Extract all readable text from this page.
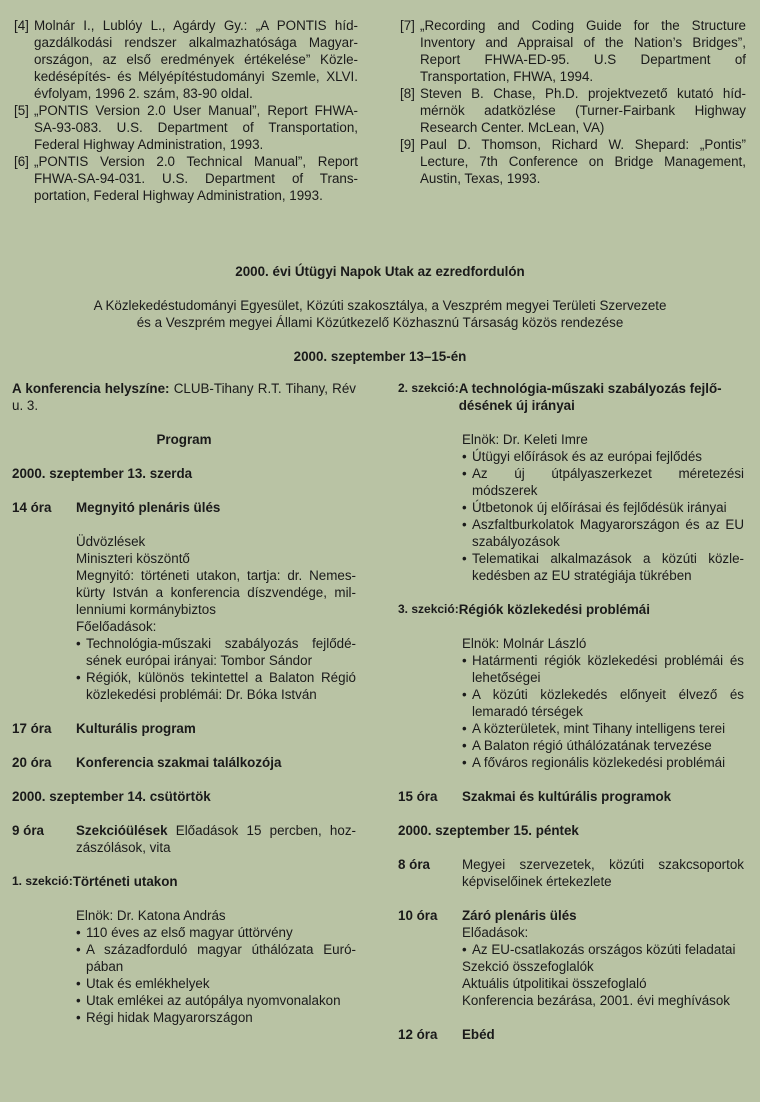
[4] Molnár I., Lublóy L., Agárdy Gy.: „A PONTIS híd-gazdálkodási rendszer alkalmazhatósága Magyar-országon, az első eredmények értékelése” Közle-kedésépítés- és Mélyépítéstudományi Szemle, XLVI. évfolyam, 1996 2. szám, 83-90 oldal.
[5] „PONTIS Version 2.0 User Manual”, Report FHWA-SA-93-083. U.S. Department of Transportation, Federal Highway Administration, 1993.
[6] „PONTIS Version 2.0 Technical Manual”, Report FHWA-SA-94-031. U.S. Department of Trans-portation, Federal Highway Administration, 1993.
[7] „Recording and Coding Guide for the Structure Inventory and Appraisal of the Nation’s Bridges”, Report FHWA-ED-95. U.S Department of Transportation, FHWA, 1994.
[8] Steven B. Chase, Ph.D. projektvezető kutató híd-mérnök adatközlése (Turner-Fairbank Highway Research Center. McLean, VA)
[9] Paul D. Thomson, Richard W. Shepard: „Pontis” Lecture, 7th Conference on Bridge Management, Austin, Texas, 1993.
2000. évi Útügyi Napok Utak az ezredfordulón
A Közlekedéstudományi Egyesület, Közúti szakosztálya, a Veszprém megyei Területi Szervezete
és a Veszprém megyei Állami Közútkezelő Közhasznú Társaság közös rendezése
2000. szeptember 13–15-én
A konferencia helyszíne: CLUB-Tihany R.T. Tihany, Rév u. 3.
Program
2000. szeptember 13. szerda
14 óra	Megnyitó plenáris ülés
Üdvözlések
Miniszteri köszöntő
Megnyitó: történeti utakon, tartja: dr. Nemes-kürty István a konferencia díszvendége, mil-lenniumi kormánybiztos
Főelőadások:
• Technológia-műszaki szabályozás fejlődé-sének európai irányai: Tombor Sándor
• Régiók, különös tekintettel a Balaton Régió közlekedési problémái: Dr. Bóka István
17 óra	Kulturális program
20 óra	Konferencia szakmai találkozója
2000. szeptember 14. csütörtök
9 óra	Szekcióülések Előadások 15 percben, hoz-zászólások, vita
1. szekció: Történeti utakon
Elnök: Dr. Katona András
• 110 éves az első magyar úttörvény
• A századforduló magyar úthálózata Euró-pában
• Utak és emlékhelyek
• Utak emlékei az autópálya nyomvonalakon
• Régi hidak Magyarországon
2. szekció: A technológia-műszaki szabályozás fejlő-désének új irányai
Elnök: Dr. Keleti Imre
• Útügyi előírások és az európai fejlődés
• Az új útpályaszerkezet méretezési módszerek
• Útbetonok új előírásai és fejlődésük irányai
• Aszfaltburkolatok Magyarországon és az EU szabályozások
• Telematikai alkalmazások a közúti közle-kedésben az EU stratégiája tükrében
3. szekció: Régiók közlekedési problémái
Elnök: Molnár László
• Határmenti régiók közlekedési problémái és lehetőségei
• A közúti közlekedés előnyeit élvező és lemaradó térségek
• A közterületek, mint Tihany intelligens terei
• A Balaton régió úthálózatának tervezése
• A főváros regionális közlekedési problémái
15 óra	Szakmai és kultúrális programok
2000. szeptember 15. péntek
8 óra	Megyei szervezetek, közúti szakcsoportok képviselőinek értekezlete
10 óra	Záró plenáris ülés
Előadások:
• Az EU-csatlakozás országos közúti feladatai
Szekció összefoglalók
Aktuális útpolitikai összefoglaló
Konferencia bezárása, 2001. évi meghívások
12 óra	Ebéd
